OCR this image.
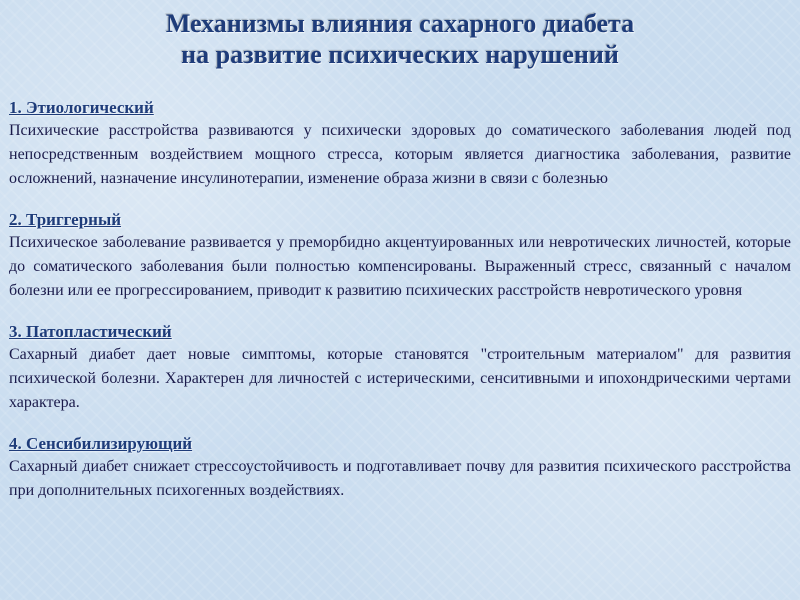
Механизмы влияния сахарного диабета
на развитие психических нарушений
1. Этиологический

Психические расстройства развиваются у психически здоровых до соматического заболевания людей под непосредственным воздействием мощного стресса, которым является диагностика заболевания, развитие осложнений, назначение инсулинотерапии, изменение образа жизни в связи с болезнью

2. Триггерный

Психическое заболевание развивается у преморбидно акцентуированных или невротических личностей, которые до соматического заболевания были полностью компенсированы. Выраженный стресс, связанный с началом болезни или ее прогрессированием, приводит к развитию психических расстройств невротического уровня

3. Патопластический

Сахарный диабет дает новые симптомы, которые становятся "строительным материалом" для развития психической болезни. Характерен для личностей с истерическими, сенситивными и ипохондрическими чертами характера.

4. Сенсибилизирующий

Сахарный диабет снижает стрессоустойчивость и подготавливает почву для развития психического расстройства при дополнительных психогенных воздействиях.
